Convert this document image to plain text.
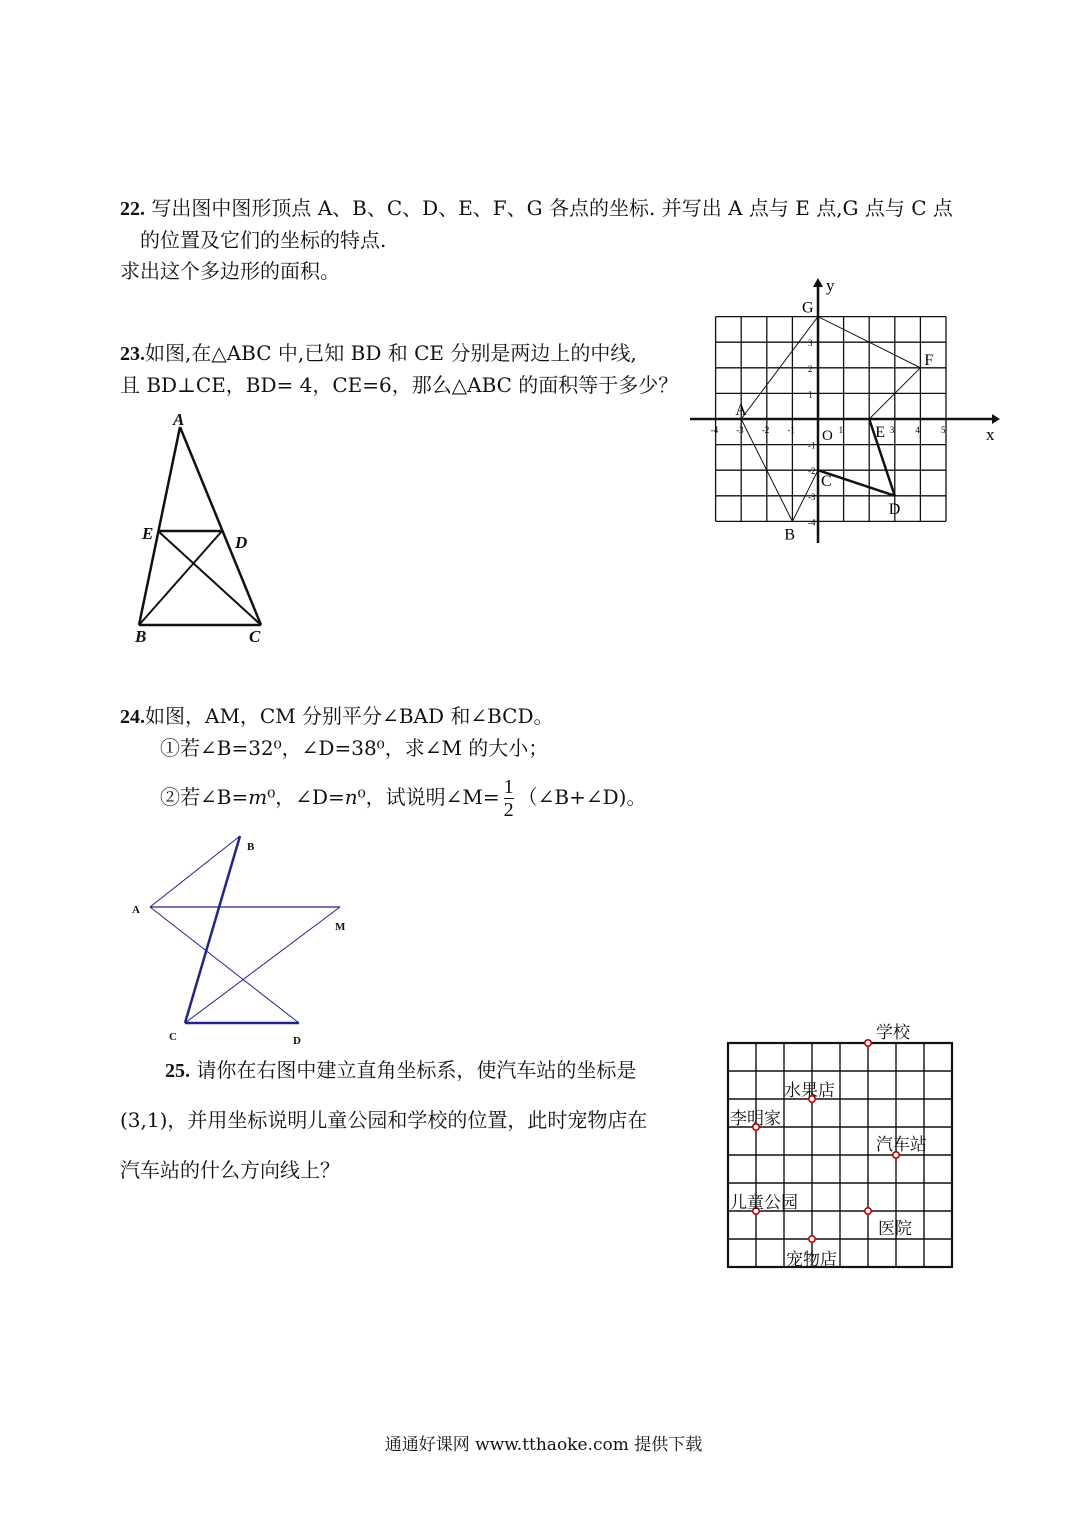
22. 写出图中图形顶点 A、B、C、D、E、F、G 各点的坐标. 并写出 A 点与 E 点,G 点与 C 点
的位置及它们的坐标的特点.
求出这个多边形的面积。
x
y
O
-4 -3 -2 -1	1	3 4 5
3
2
1
-1
-2
-3
-4
A
B
C
D
E
F
G
23.如图,在△ABC 中,已知 BD 和 CE 分别是两边上的中线,
且 BD⊥CE，BD= 4，CE=6，那么△ABC 的面积等于多少？
A
E	D
B	C
24.如图，AM，CM 分别平分∠BAD 和∠BCD。
①若∠B=32⁰，∠D=38⁰，求∠M 的大小；
②若∠B=m⁰，∠D=n⁰，试说明∠M= $\frac{1}{2}$ （∠B+∠D)。
B
A
M
C	D
25. 请你在右图中建立直角坐标系，使汽车站的坐标是
(3,1)，并用坐标说明儿童公园和学校的位置，此时宠物店在
汽车站的什么方向线上？
学校
水果店
李明家
汽车站
儿童公园
医院
宠物店
通通好课网 www.tthaoke.com 提供下载
